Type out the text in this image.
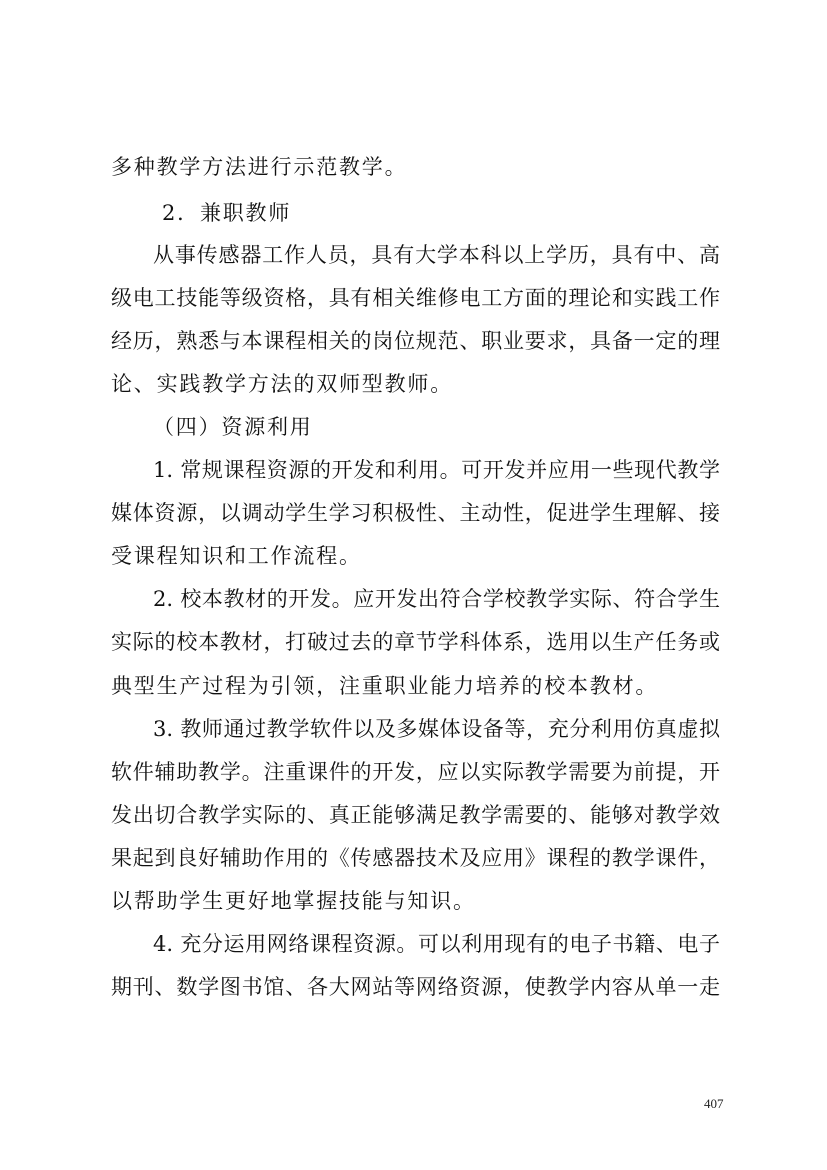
多种教学方法进行示范教学。
2．兼职教师
从事传感器工作人员，具有大学本科以上学历，具有中、高
级电工技能等级资格，具有相关维修电工方面的理论和实践工作
经历，熟悉与本课程相关的岗位规范、职业要求，具备一定的理
论、实践教学方法的双师型教师。
（四）资源利用
1. 常规课程资源的开发和利用。可开发并应用一些现代教学
媒体资源，以调动学生学习积极性、主动性，促进学生理解、接
受课程知识和工作流程。
2. 校本教材的开发。应开发出符合学校教学实际、符合学生
实际的校本教材，打破过去的章节学科体系，选用以生产任务或
典型生产过程为引领，注重职业能力培养的校本教材。
3. 教师通过教学软件以及多媒体设备等，充分利用仿真虚拟
软件辅助教学。注重课件的开发，应以实际教学需要为前提，开
发出切合教学实际的、真正能够满足教学需要的、能够对教学效
果起到良好辅助作用的《传感器技术及应用》课程的教学课件，
以帮助学生更好地掌握技能与知识。
4. 充分运用网络课程资源。可以利用现有的电子书籍、电子
期刊、数学图书馆、各大网站等网络资源，使教学内容从单一走
407
